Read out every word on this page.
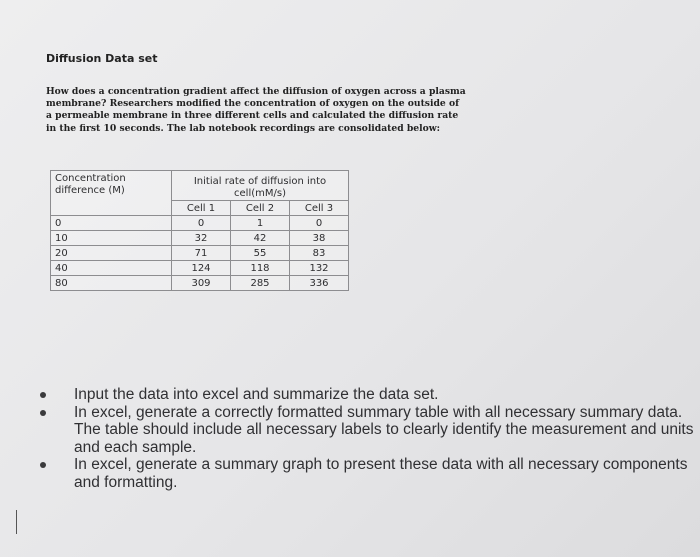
Diffusion Data set
How does a concentration gradient affect the diffusion of oxygen across a plasma membrane? Researchers modified the concentration of oxygen on the outside of a permeable membrane in three different cells and calculated the diffusion rate in the first 10 seconds. The lab notebook recordings are consolidated below:
Concentration difference (M)	Initial rate of diffusion into
cell(mM/s)		
	Cell 1	Cell 2	Cell 3
0	0	1	0
10	32	42	38
20	71	55	83
40	124	118	132
80	309	285	336
Input the data into excel and summarize the data set.
In excel, generate a correctly formatted summary table with all necessary summary data. The table should include all necessary labels to clearly identify the measurement and units and each sample.
In excel, generate a summary graph to present these data with all necessary components and formatting.
